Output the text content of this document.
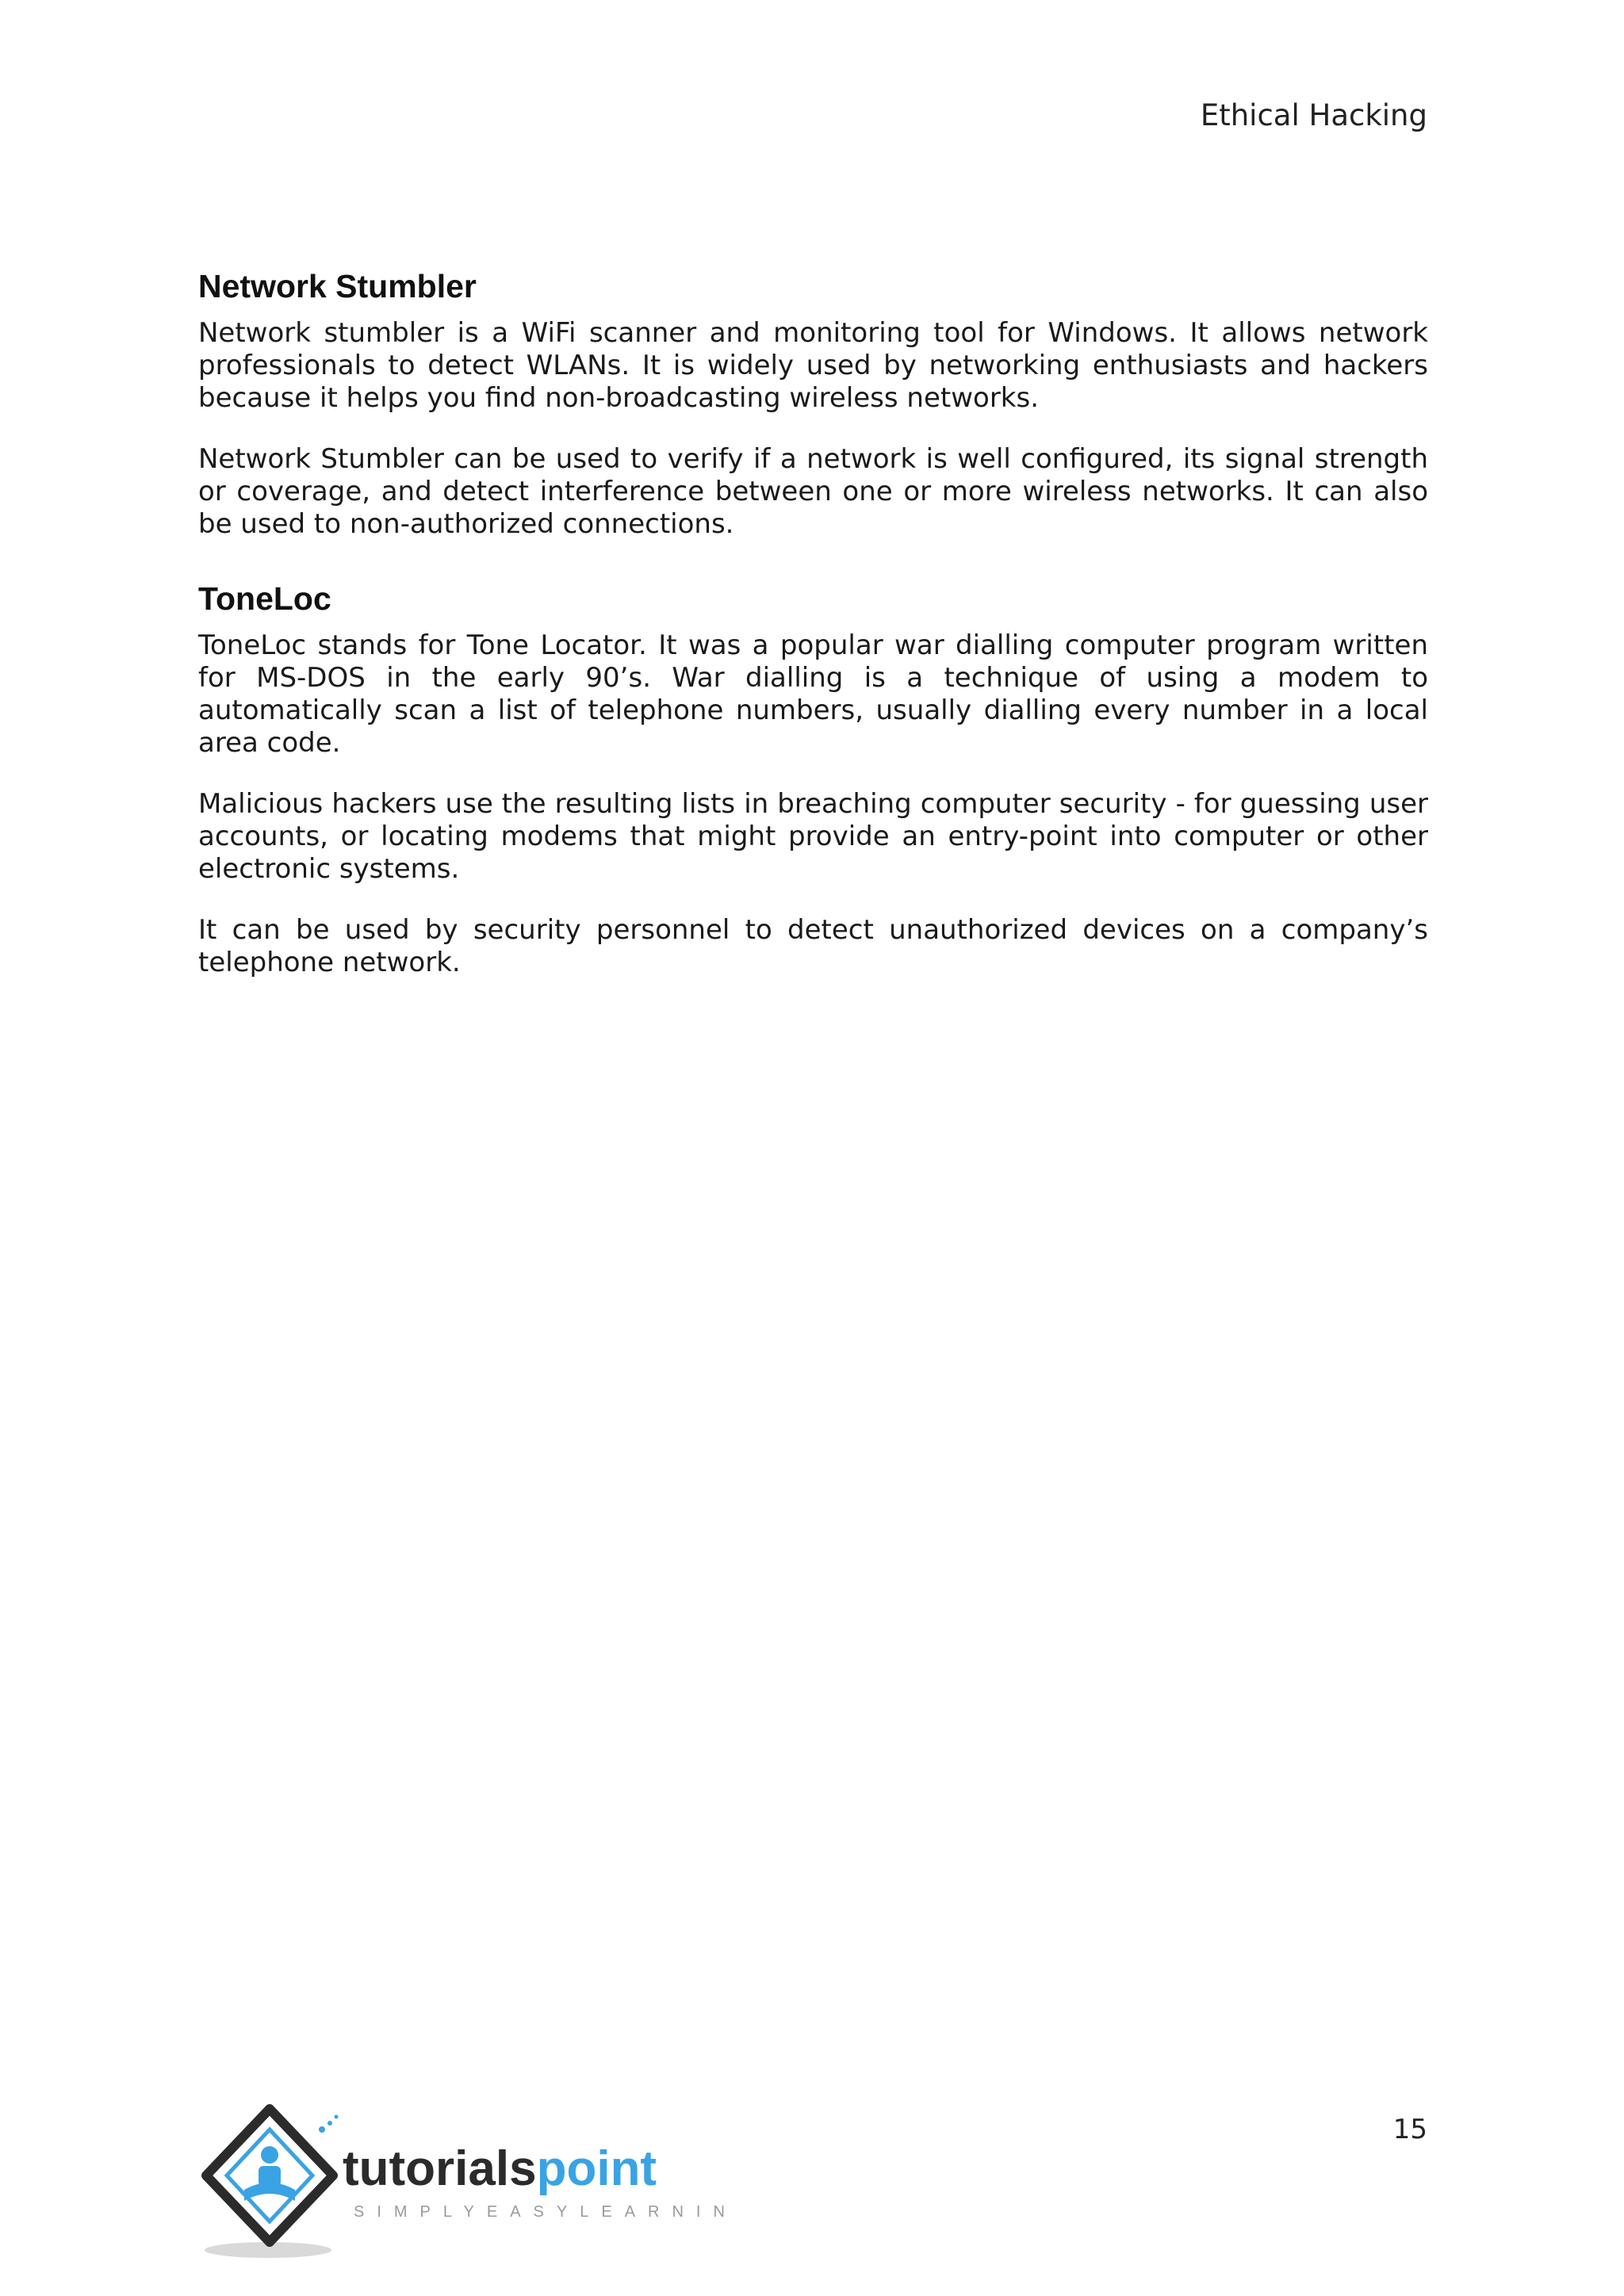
Ethical Hacking
Network Stumbler

Network stumbler is a WiFi scanner and monitoring tool for Windows. It allows network professionals to detect WLANs. It is widely used by networking enthusiasts and hackers because it helps you find non-broadcasting wireless networks.

Network Stumbler can be used to verify if a network is well configured, its signal strength or coverage, and detect interference between one or more wireless networks. It can also be used to non-authorized connections.

ToneLoc

ToneLoc stands for Tone Locator. It was a popular war dialling computer program written for MS-DOS in the early 90’s. War dialling is a technique of using a modem to automatically scan a list of telephone numbers, usually dialling every number in a local area code.

Malicious hackers use the resulting lists in breaching computer security - for guessing user accounts, or locating modems that might provide an entry-point into computer or other electronic systems.

It can be used by security personnel to detect unauthorized devices on a company’s telephone network.

15
tutorialspoint
SIMPLYEASYLEARNING
